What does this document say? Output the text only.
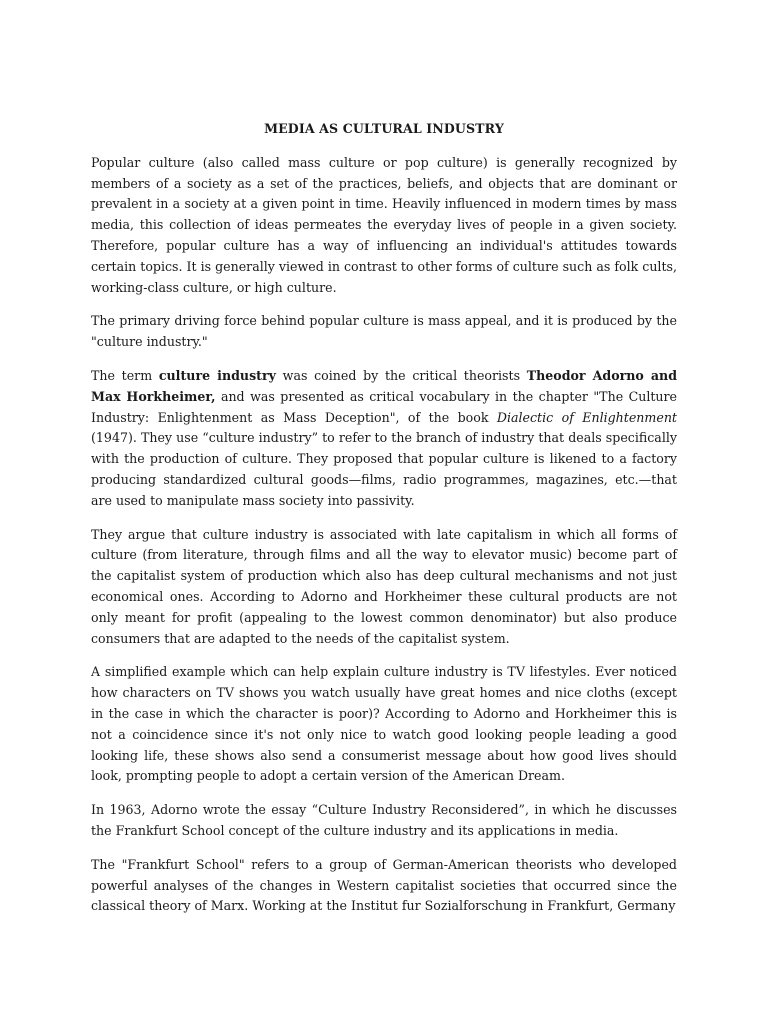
MEDIA AS CULTURAL INDUSTRY

Popular culture (also called mass culture or pop culture) is generally recognized by members of a society as a set of the practices, beliefs, and objects that are dominant or prevalent in a society at a given point in time. Heavily influenced in modern times by mass media, this collection of ideas permeates the everyday lives of people in a given society. Therefore, popular culture has a way of influencing an individual's attitudes towards certain topics. It is generally viewed in contrast to other forms of culture such as folk cults, working-class culture, or high culture.

The primary driving force behind popular culture is mass appeal, and it is produced by the "culture industry."

The term culture industry was coined by the critical theorists Theodor Adorno and Max Horkheimer, and was presented as critical vocabulary in the chapter "The Culture Industry: Enlightenment as Mass Deception", of the book Dialectic of Enlightenment (1947). They use “culture industry” to refer to the branch of industry that deals specifically with the production of culture. They proposed that popular culture is likened to a factory producing standardized cultural goods—films, radio programmes, magazines, etc.—that are used to manipulate mass society into passivity.

They argue that culture industry is associated with late capitalism in which all forms of culture (from literature, through films and all the way to elevator music) become part of the capitalist system of production which also has deep cultural mechanisms and not just economical ones. According to Adorno and Horkheimer these cultural products are not only meant for profit (appealing to the lowest common denominator) but also produce consumers that are adapted to the needs of the capitalist system.

A simplified example which can help explain culture industry is TV lifestyles. Ever noticed how characters on TV shows you watch usually have great homes and nice cloths (except in the case in which the character is poor)? According to Adorno and Horkheimer this is not a coincidence since it's not only nice to watch good looking people leading a good looking life, these shows also send a consumerist message about how good lives should look, prompting people to adopt a certain version of the American Dream.

In 1963, Adorno wrote the essay “Culture Industry Reconsidered”, in which he discusses the Frankfurt School concept of the culture industry and its applications in media.

The "Frankfurt School" refers to a group of German-American theorists who developed powerful analyses of the changes in Western capitalist societies that occurred since the classical theory of Marx. Working at the Institut fur Sozialforschung in Frankfurt, Germany
